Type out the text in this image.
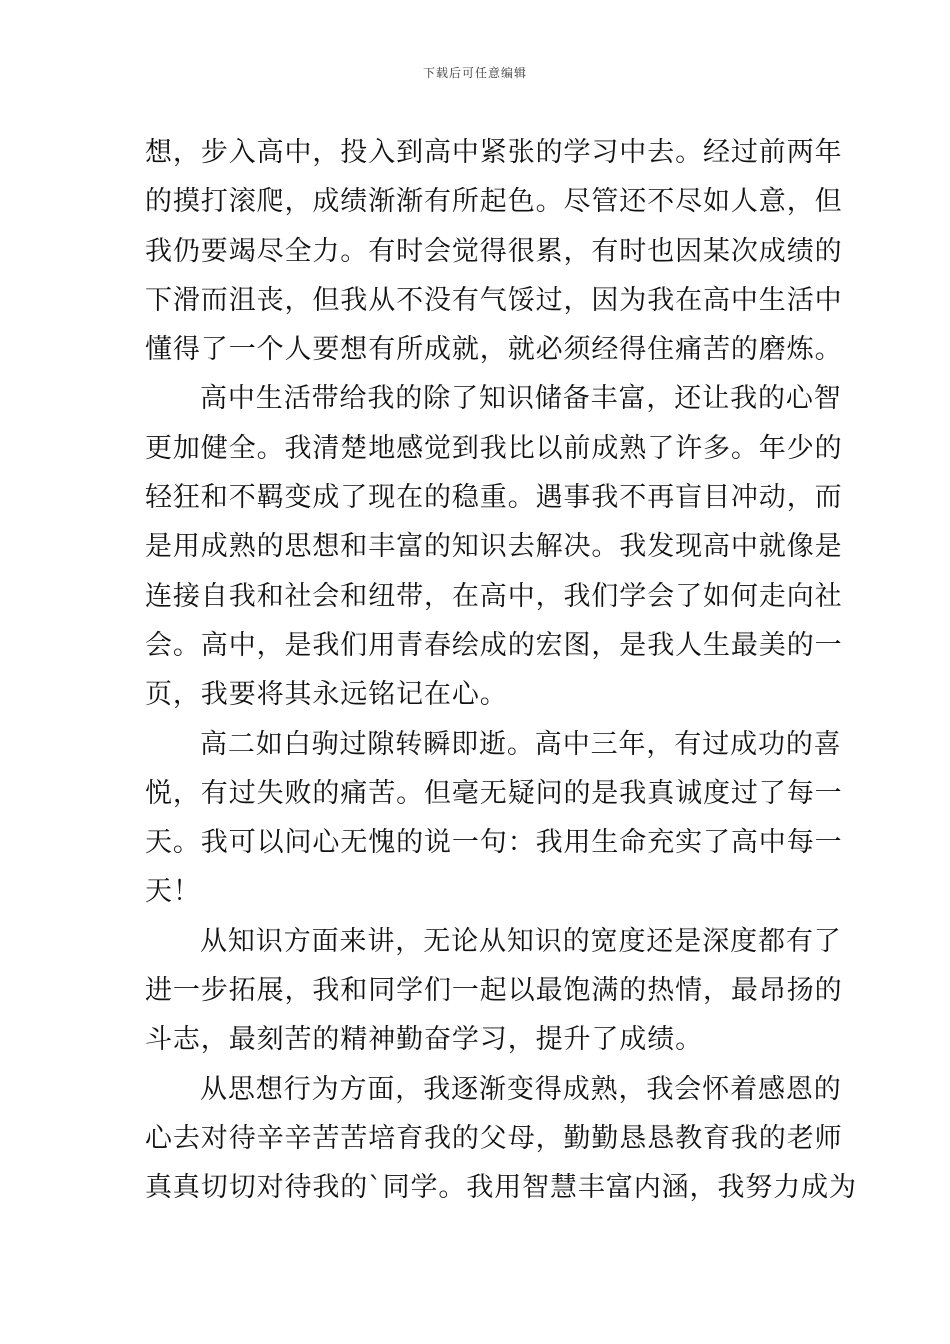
下载后可任意编辑
想，步入高中，投入到高中紧张的学习中去。经过前两年
的摸打滚爬，成绩渐渐有所起色。尽管还不尽如人意，但
我仍要竭尽全力。有时会觉得很累，有时也因某次成绩的
下滑而沮丧，但我从不没有气馁过，因为我在高中生活中
懂得了一个人要想有所成就，就必须经得住痛苦的磨炼。
高中生活带给我的除了知识储备丰富，还让我的心智
更加健全。我清楚地感觉到我比以前成熟了许多。年少的
轻狂和不羁变成了现在的稳重。遇事我不再盲目冲动，而
是用成熟的思想和丰富的知识去解决。我发现高中就像是
连接自我和社会和纽带，在高中，我们学会了如何走向社
会。高中，是我们用青春绘成的宏图，是我人生最美的一
页，我要将其永远铭记在心。
高二如白驹过隙转瞬即逝。高中三年，有过成功的喜
悦，有过失败的痛苦。但毫无疑问的是我真诚度过了每一
天。我可以问心无愧的说一句：我用生命充实了高中每一
天！
从知识方面来讲，无论从知识的宽度还是深度都有了
进一步拓展，我和同学们一起以最饱满的热情，最昂扬的
斗志，最刻苦的精神勤奋学习，提升了成绩。
从思想行为方面，我逐渐变得成熟，我会怀着感恩的
心去对待辛辛苦苦培育我的父母，勤勤恳恳教育我的老师
真真切切对待我的`同学。我用智慧丰富内涵，我努力成为
